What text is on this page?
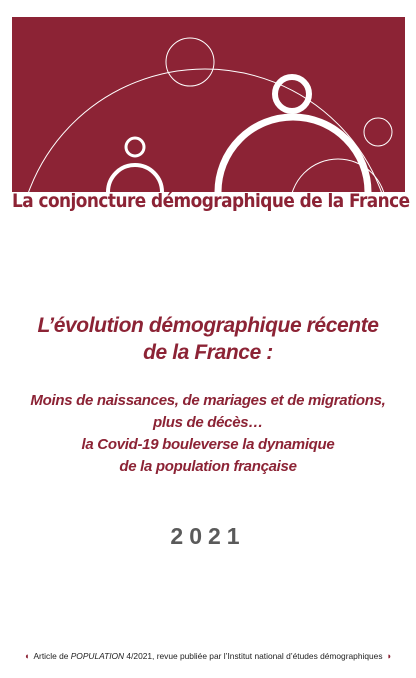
La conjoncture démographique de la France
L’évolution démographique récente
de la France :

Moins de naissances, de mariages et de migrations,
plus de décès…
la Covid-19 bouleverse la dynamique
de la population française

2021
◖ Article de POPULATION 4/2021, revue publiée par l’Institut national d’études démographiques ◗
